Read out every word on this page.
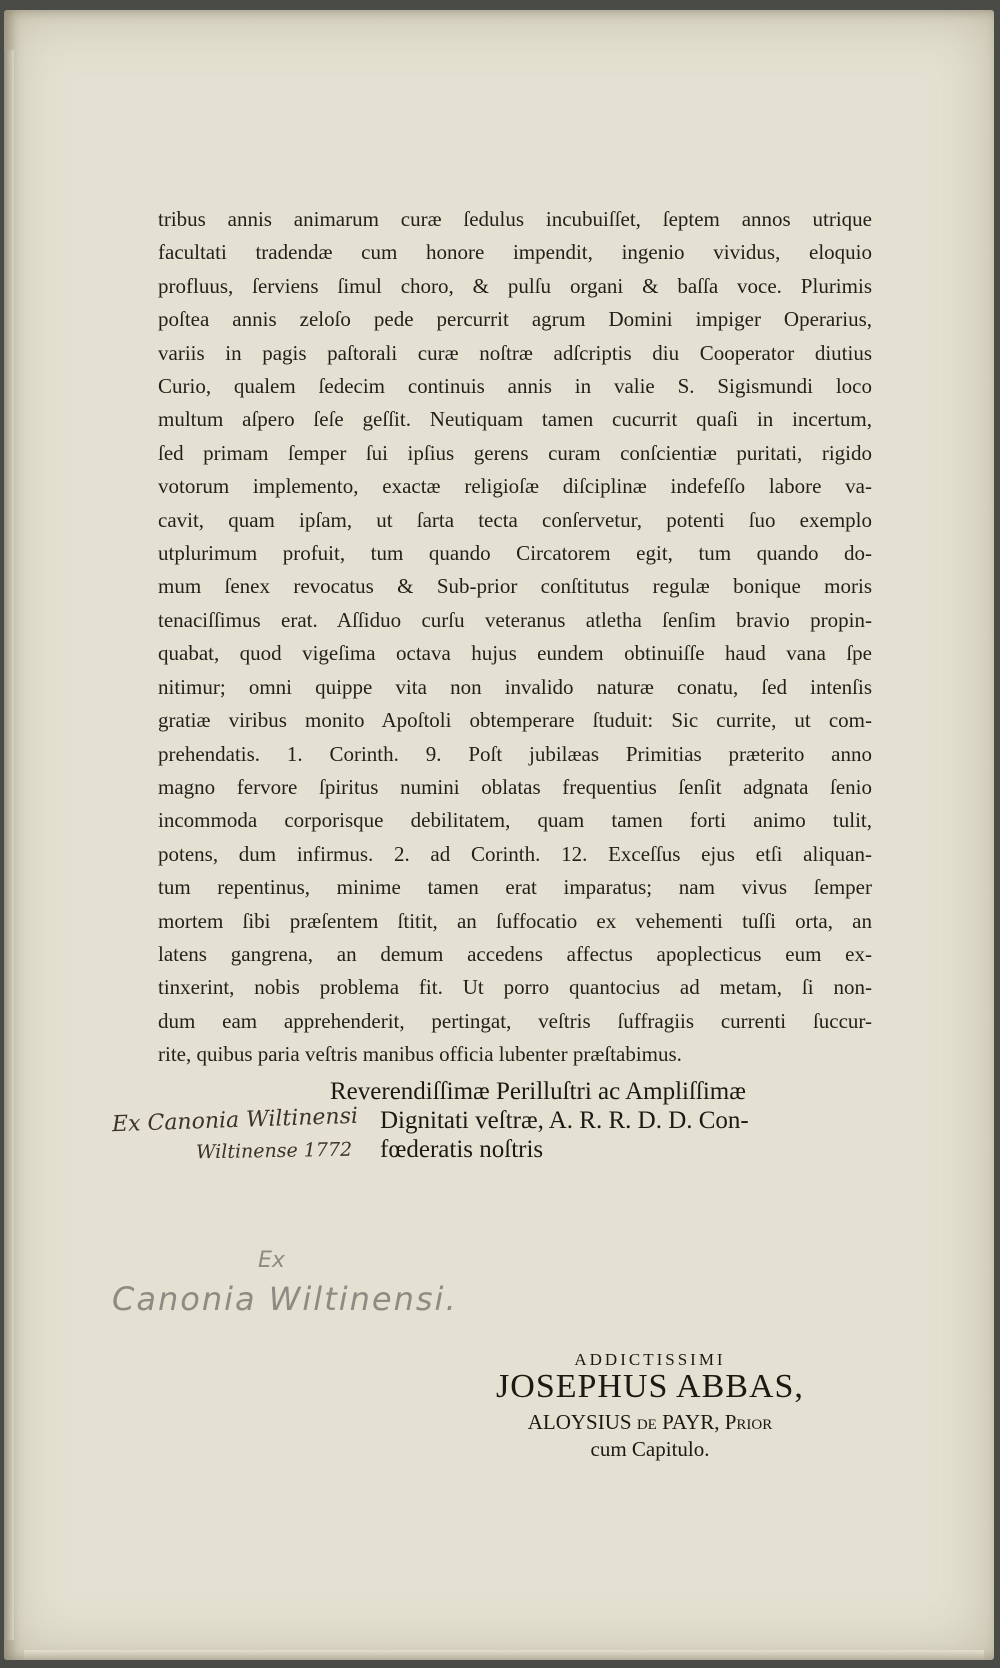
tribus annis animarum curæ ſedulus incubuiſſet, ſeptem annos utrique
facultati tradendæ cum honore impendit, ingenio vividus, eloquio
profluus, ſerviens ſimul choro, & pulſu organi & baſſa voce. Plurimis
poſtea annis zeloſo pede percurrit agrum Domini impiger Operarius,
variis in pagis paſtorali curæ noſtræ adſcriptis diu Cooperator diutius
Curio, qualem ſedecim continuis annis in valie S. Sigismundi loco
multum aſpero ſeſe geſſit. Neutiquam tamen cucurrit quaſi in incertum,
ſed primam ſemper ſui ipſius gerens curam conſcientiæ puritati, rigido
votorum implemento, exactæ religioſæ diſciplinæ indefeſſo labore va-
cavit, quam ipſam, ut ſarta tecta conſervetur, potenti ſuo exemplo
utplurimum profuit, tum quando Circatorem egit, tum quando do-
mum ſenex revocatus & Sub-prior conſtitutus regulæ bonique moris
tenaciſſimus erat. Aſſiduo curſu veteranus atletha ſenſim bravio propin-
quabat, quod vigeſima octava hujus eundem obtinuiſſe haud vana ſpe
nitimur; omni quippe vita non invalido naturæ conatu, ſed intenſis
gratiæ viribus monito Apoſtoli obtemperare ſtuduit: Sic currite, ut com-
prehendatis. 1. Corinth. 9. Poſt jubilæas Primitias præterito anno
magno fervore ſpiritus numini oblatas frequentius ſenſit adgnata ſenio
incommoda corporisque debilitatem, quam tamen forti animo tulit,
potens, dum infirmus. 2. ad Corinth. 12. Exceſſus ejus etſi aliquan-
tum repentinus, minime tamen erat imparatus; nam vivus ſemper
mortem ſibi præſentem ſtitit, an ſuffocatio ex vehementi tuſſi orta, an
latens gangrena, an demum accedens affectus apoplecticus eum ex-
tinxerint, nobis problema fit. Ut porro quantocius ad metam, ſi non-
dum eam apprehenderit, pertingat, veſtris ſuffragiis currenti ſuccur-
rite, quibus paria veſtris manibus officia lubenter præſtabimus.
Reverendiſſimæ Perilluſtri ac Ampliſſimæ
Dignitati veſtræ, A. R. R. D. D. Con-
fœderatis noſtris
Ex Canonia Wiltinensi
Wiltinense 1772
Ex
Canonia Wiltinensi.
ADDICTISSIMI
JOSEPHUS ABBAS,
ALOYSIUS de PAYR, Prior
cum Capitulo.
